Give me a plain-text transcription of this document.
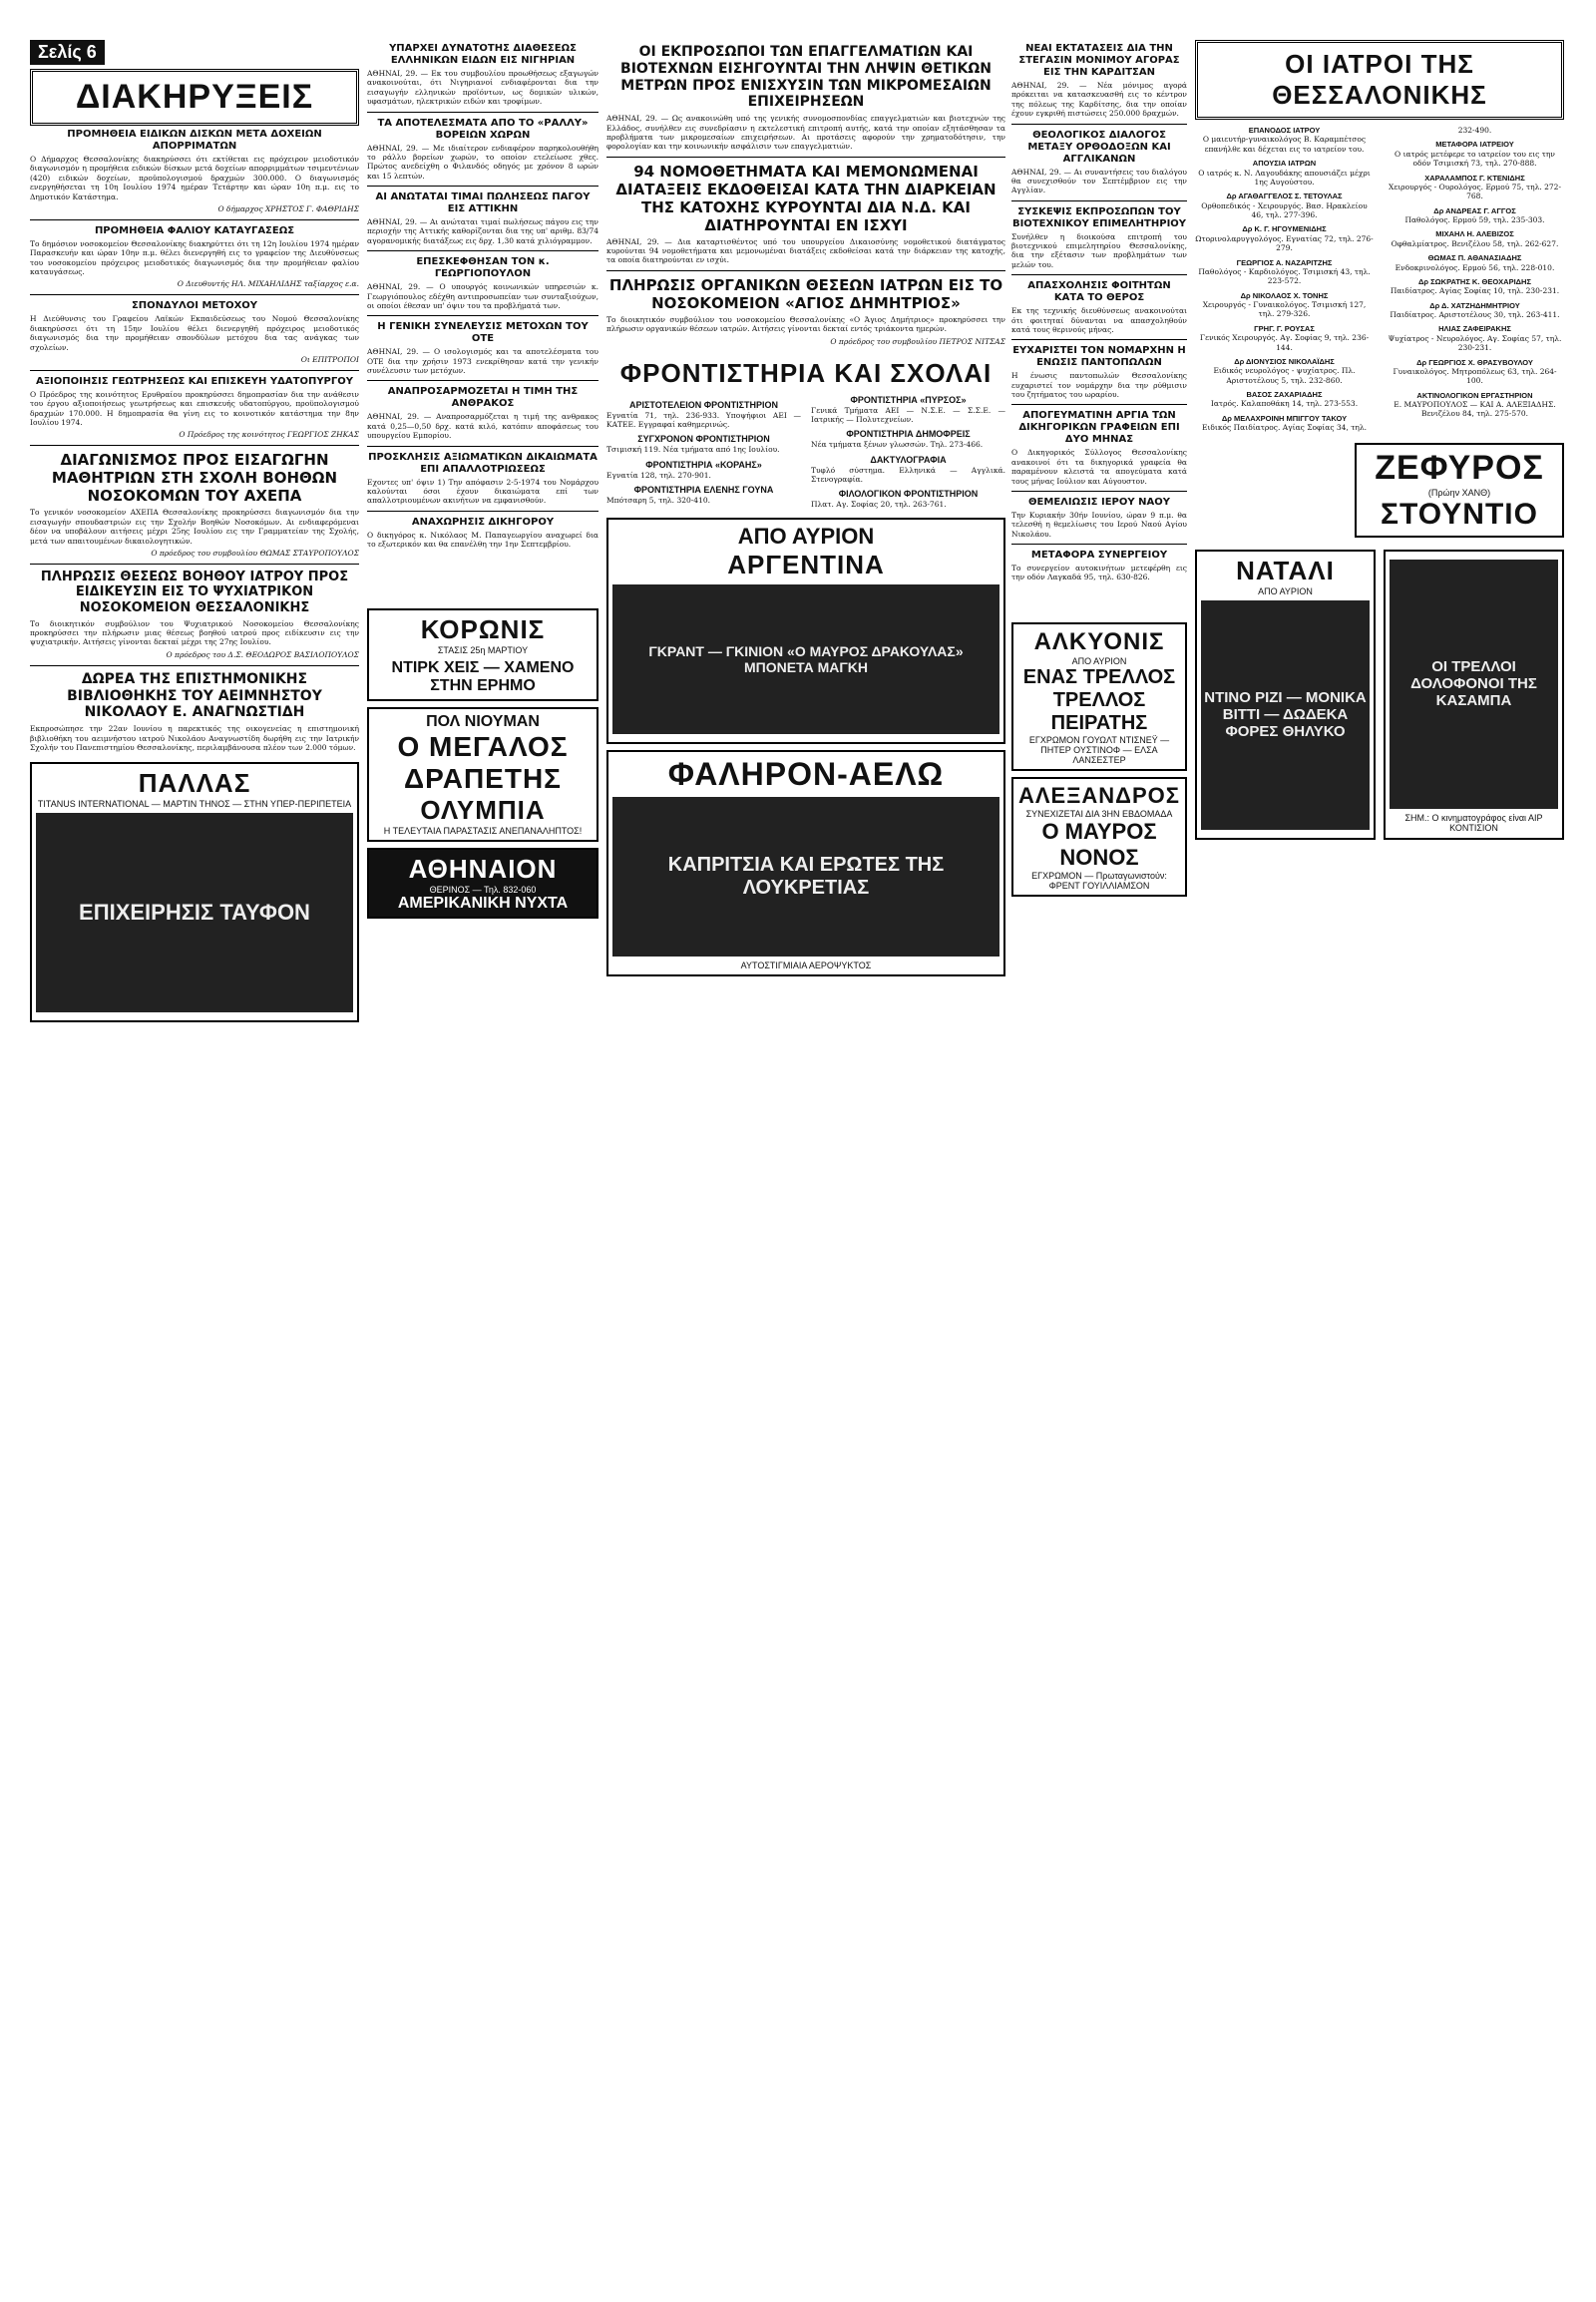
Σελίς 6
ΔΙΑΚΗΡΥΞΕΙΣ
ΠΡΟΜΗΘΕΙΑ ΕΙΔΙΚΩΝ ΔΙΣΚΩΝ ΜΕΤΑ ΔΟΧΕΙΩΝ ΑΠΟΡΡΙΜΑΤΩΝ

Ο Δήμαρχος Θεσσαλονίκης διακηρύσσει ότι εκτίθεται εις πρόχειρον μειοδοτικόν διαγωνισμόν η προμήθεια ειδικών δίσκων μετά δοχείων απορριμμάτων τσιμεντένιων (420) ειδικών δοχείων, προϋπολογισμού δραχμών 300.000. Ο διαγωνισμός ενεργηθήσεται τη 10η Ιουλίου 1974 ημέραν Τετάρτην και ώραν 10η π.μ. εις το Δημοτικόν Κατάστημα.

Ο δήμαρχος ΧΡΗΣΤΟΣ Γ. ΦΑΘΡΙΔΗΣ
ΠΡΟΜΗΘΕΙΑ ΦΑΛΙΟΥ ΚΑΤΑΥΓΑΣΕΩΣ

Το δημόσιον νοσοκομείον Θεσσαλονίκης διακηρύττει ότι τη 12η Ιουλίου 1974 ημέραν Παρασκευήν και ώραν 10ην π.μ. θέλει διενεργηθή εις το γραφείον της Διευθύνσεως του νοσοκομείου πρόχειρος μειοδοτικός διαγωνισμός δια την προμήθειαν φαλίου καταυγάσεως.

Ο Διευθυντής ΗΛ. ΜΙΧΑΗΛΙΔΗΣ ταξίαρχος ε.α.
ΣΠΟΝΔΥΛΟΙ ΜΕΤΟΧΟΥ

Η Διεύθυνσις του Γραφείου Λαϊκών Εκπαιδεύσεως του Νομού Θεσσαλονίκης διακηρύσσει ότι τη 15ην Ιουλίου θέλει διενεργηθή πρόχειρος μειοδοτικός διαγωνισμός δια την προμήθειαν σπονδύλων μετόχου δια τας ανάγκας των σχολείων.

Οι ΕΠΙΤΡΟΠΟΙ
ΑΞΙΟΠΟΙΗΣΙΣ ΓΕΩΤΡΗΣΕΩΣ ΚΑΙ ΕΠΙΣΚΕΥΗ ΥΔΑΤΟΠΥΡΓΟΥ

Ο Πρόεδρος της κοινότητος Ερυθραίου προκηρύσσει δημοπρασίαν δια την ανάθεσιν του έργου αξιοποιήσεως γεωτρήσεως και επισκευής υδατοπύργου, προϋπολογισμού δραχμών 170.000. Η δημοπρασία θα γίνη εις το κοινοτικόν κατάστημα την 8ην Ιουλίου 1974.

Ο Πρόεδρος της κοινότητος ΓΕΩΡΓΙΟΣ ΖΗΚΑΣ
ΔΙΑΓΩΝΙΣΜΟΣ ΠΡΟΣ ΕΙΣΑΓΩΓΗΝ ΜΑΘΗΤΡΙΩΝ ΣΤΗ ΣΧΟΛΗ ΒΟΗΘΩΝ ΝΟΣΟΚΟΜΩΝ ΤΟΥ ΑΧΕΠΑ

Το γενικόν νοσοκομείον ΑΧΕΠΑ Θεσσαλονίκης προκηρύσσει διαγωνισμόν δια την εισαγωγήν σπουδαστριών εις την Σχολήν Βοηθών Νοσοκόμων. Αι ενδιαφερόμεναι δέον να υποβάλουν αιτήσεις μέχρι 25ης Ιουλίου εις την Γραμματείαν της Σχολής, μετά των απαιτουμένων δικαιολογητικών.

Ο πρόεδρος του συμβουλίου ΘΩΜΑΣ ΣΤΑΥΡΟΠΟΥΛΟΣ
ΠΛΗΡΩΣΙΣ ΘΕΣΕΩΣ ΒΟΗΘΟΥ ΙΑΤΡΟΥ ΠΡΟΣ ΕΙΔΙΚΕΥΣΙΝ ΕΙΣ ΤΟ ΨΥΧΙΑΤΡΙΚΟΝ ΝΟΣΟΚΟΜΕΙΟΝ ΘΕΣΣΑΛΟΝΙΚΗΣ

Το διοικητικόν συμβούλιον του Ψυχιατρικού Νοσοκομείου Θεσσαλονίκης προκηρύσσει την πλήρωσιν μιας θέσεως βοηθού ιατρού προς ειδίκευσιν εις την ψυχιατρικήν. Αιτήσεις γίνονται δεκταί μέχρι της 27ης Ιουλίου.

Ο πρόεδρος του Δ.Σ. ΘΕΟΔΩΡΟΣ ΒΑΣΙΛΟΠΟΥΛΟΣ
ΔΩΡΕΑ ΤΗΣ ΕΠΙΣΤΗΜΟΝΙΚΗΣ ΒΙΒΛΙΟΘΗΚΗΣ ΤΟΥ ΑΕΙΜΝΗΣΤΟΥ ΝΙΚΟΛΑΟΥ Ε. ΑΝΑΓΝΩΣΤΙΔΗ

Εκπροσώπησε την 22αν Ιουνίου η παρεκτικός της οικογενείας η επιστημονική βιβλιοθήκη του αειμνήστου ιατρού Νικολάου Αναγνωστίδη δωρήθη εις την Ιατρικήν Σχολήν του Πανεπιστημίου Θεσσαλονίκης, περιλαμβάνουσα πλέον των 2.000 τόμων.

ΠΑΛΛΑΣ
TITANUS INTERNATIONAL — ΜΑΡΤΙΝ ΤΗΝΟΣ — ΣΤΗΝ ΥΠΕΡ-ΠΕΡΙΠΕΤΕΙΑ
ΕΠΙΧΕΙΡΗΣΙΣ ΤΑΥΦΟΝ
ΥΠΑΡΧΕΙ ΔΥΝΑΤΟΤΗΣ ΔΙΑΘΕΣΕΩΣ ΕΛΛΗΝΙΚΩΝ ΕΙΔΩΝ ΕΙΣ ΝΙΓΗΡΙΑΝ

ΑΘΗΝΑΙ, 29. — Εκ του συμβουλίου προωθήσεως εξαγωγών ανακοινούται, ότι Νιγηριανοί ενδιαφέρονται δια την εισαγωγήν ελληνικών προϊόντων, ως δομικών υλικών, υφασμάτων, ηλεκτρικών ειδών και τροφίμων.

ΤΑ ΑΠΟΤΕΛΕΣΜΑΤΑ ΑΠΟ ΤΟ «ΡΑΛΛΥ» ΒΟΡΕΙΩΝ ΧΩΡΩΝ

ΑΘΗΝΑΙ, 29. — Με ιδιαίτερον ενδιαφέρον παρηκολουθήθη το ράλλυ βορείων χωρών, το οποίον ετελείωσε χθες. Πρώτος ανεδείχθη ο Φιλανδός οδηγός με χρόνον 8 ωρών και 15 λεπτών.

ΑΙ ΑΝΩΤΑΤΑΙ ΤΙΜΑΙ ΠΩΛΗΣΕΩΣ ΠΑΓΟΥ ΕΙΣ ΑΤΤΙΚΗΝ

ΑΘΗΝΑΙ, 29. — Αι ανώταται τιμαί πωλήσεως πάγου εις την περιοχήν της Αττικής καθορίζονται δια της υπ' αριθμ. 83/74 αγορανομικής διατάξεως εις δρχ. 1,30 κατά χιλιόγραμμον.

ΕΠΕΣΚΕΦΘΗΣΑΝ ΤΟΝ κ. ΓΕΩΡΓΙΟΠΟΥΛΟΝ

ΑΘΗΝΑΙ, 29. — Ο υπουργός κοινωνικών υπηρεσιών κ. Γεωργιόπουλος εδέχθη αντιπροσωπείαν των συνταξιούχων, οι οποίοι έθεσαν υπ' όψιν του τα προβλήματά των.

Η ΓΕΝΙΚΗ ΣΥΝΕΛΕΥΣΙΣ ΜΕΤΟΧΩΝ ΤΟΥ ΟΤΕ

ΑΘΗΝΑΙ, 29. — Ο ισολογισμός και τα αποτελέσματα του ΟΤΕ δια την χρήσιν 1973 ενεκρίθησαν κατά την γενικήν συνέλευσιν των μετόχων.

ΑΝΑΠΡΟΣΑΡΜΟΖΕΤΑΙ Η ΤΙΜΗ ΤΗΣ ΑΝΘΡΑΚΟΣ

ΑΘΗΝΑΙ, 29. — Αναπροσαρμόζεται η τιμή της ανθρακος κατά 0,25—0,50 δρχ. κατά κιλό, κατόπιν αποφάσεως του υπουργείου Εμπορίου.

ΠΡΟΣΚΛΗΣΙΣ ΑΞΙΩΜΑΤΙΚΩΝ ΔΙΚΑΙΩΜΑΤΑ ΕΠΙ ΑΠΑΛΛΟΤΡΙΩΣΕΩΣ

Εχοντες υπ' όψιν 1) Την απόφασιν 2-5-1974 του Νομάρχου καλούνται όσοι έχουν δικαιώματα επί των απαλλοτριουμένων ακινήτων να εμφανισθούν.

ΑΝΑΧΩΡΗΣΙΣ ΔΙΚΗΓΟΡΟΥ

Ο δικηγόρος κ. Νικόλαος Μ. Παπαγεωργίου αναχωρεί δια το εξωτερικόν και θα επανέλθη την 1ην Σεπτεμβρίου.

ΚΟΡΩΝΙΣ
ΣΤΑΣΙΣ 25η ΜΑΡΤΙΟΥ
ΝΤΙΡΚ ΧΕΙΣ — ΧΑΜΕΝΟ ΣΤΗΝ ΕΡΗΜΟ
ΠΟΛ ΝΙΟΥΜΑΝ
Ο ΜΕΓΑΛΟΣ ΔΡΑΠΕΤΗΣ
ΟΛΥΜΠΙΑ
Η ΤΕΛΕΥΤΑΙΑ ΠΑΡΑΣΤΑΣΙΣ ΑΝΕΠΑΝΑΛΗΠΤΟΣ!
ΑΘΗΝΑΙΟΝ
ΘΕΡΙΝΟΣ — Τηλ. 832-060
ΑΜΕΡΙΚΑΝΙΚΗ ΝΥΧΤΑ
ΟΙ ΕΚΠΡΟΣΩΠΟΙ ΤΩΝ ΕΠΑΓΓΕΛΜΑΤΙΩΝ ΚΑΙ ΒΙΟΤΕΧΝΩΝ ΕΙΣΗΓΟΥΝΤΑΙ ΤΗΝ ΛΗΨΙΝ ΘΕΤΙΚΩΝ ΜΕΤΡΩΝ ΠΡΟΣ ΕΝΙΣΧΥΣΙΝ ΤΩΝ ΜΙΚΡΟΜΕΣΑΙΩΝ ΕΠΙΧΕΙΡΗΣΕΩΝ

ΑΘΗΝΑΙ, 29. — Ως ανακοινώθη υπό της γενικής συνομοσπονδίας επαγγελματιών και βιοτεχνών της Ελλάδος, συνήλθεν εις συνεδρίασιν η εκτελεστική επιτροπή αυτής, κατά την οποίαν εξητάσθησαν τα προβλήματα των μικρομεσαίων επιχειρήσεων. Αι προτάσεις αφορούν την χρηματοδότησιν, την φορολογίαν και την κοινωνικήν ασφάλισιν των επαγγελματιών.

94 ΝΟΜΟΘΕΤΗΜΑΤΑ ΚΑΙ ΜΕΜΟΝΩΜΕΝΑΙ ΔΙΑΤΑΞΕΙΣ ΕΚΔΟΘΕΙΣΑΙ ΚΑΤΑ ΤΗΝ ΔΙΑΡΚΕΙΑΝ ΤΗΣ ΚΑΤΟΧΗΣ ΚΥΡΟΥΝΤΑΙ ΔΙΑ Ν.Δ. ΚΑΙ ΔΙΑΤΗΡΟΥΝΤΑΙ ΕΝ ΙΣΧΥΙ

ΑΘΗΝΑΙ, 29. — Δια καταρτισθέντος υπό του υπουργείου Δικαιοσύνης νομοθετικού διατάγματος κυρούνται 94 νομοθετήματα και μεμονωμέναι διατάξεις εκδοθείσαι κατά την διάρκειαν της κατοχής, τα οποία διατηρούνται εν ισχύι.

ΠΛΗΡΩΣΙΣ ΟΡΓΑΝΙΚΩΝ ΘΕΣΕΩΝ ΙΑΤΡΩΝ ΕΙΣ ΤΟ ΝΟΣΟΚΟΜΕΙΟΝ «ΑΓΙΟΣ ΔΗΜΗΤΡΙΟΣ»

Το διοικητικόν συμβούλιον του νοσοκομείου Θεσσαλονίκης «Ο Άγιος Δημήτριος» προκηρύσσει την πλήρωσιν οργανικών θέσεων ιατρών. Αιτήσεις γίνονται δεκταί εντός τριάκοντα ημερών.

Ο πρόεδρος του συμβουλίου ΠΕΤΡΟΣ ΝΙΤΣΑΣ
ΦΡΟΝΤΙΣΤΗΡΙΑ ΚΑΙ ΣΧΟΛΑΙ
ΑΡΙΣΤΟΤΕΛΕΙΟΝ ΦΡΟΝΤΙΣΤΗΡΙΟΝ

Εγνατία 71, τηλ. 236-933. Υποψήφιοι ΑΕΙ — ΚΑΤΕΕ. Εγγραφαί καθημερινώς.

ΣΥΓΧΡΟΝΟΝ ΦΡΟΝΤΙΣΤΗΡΙΟΝ

Τσιμισκή 119. Νέα τμήματα από 1ης Ιουλίου.

ΦΡΟΝΤΙΣΤΗΡΙΑ «ΚΟΡΑΗΣ»

Εγνατία 128, τηλ. 270-901.

ΦΡΟΝΤΙΣΤΗΡΙΑ ΕΛΕΝΗΣ ΓΟΥΝΑ

Μπότσαρη 5, τηλ. 320-410.

ΦΡΟΝΤΙΣΤΗΡΙΑ «ΠΥΡΣΟΣ»

Γενικά Τμήματα ΑΕΙ — Ν.Σ.Ε. — Σ.Σ.Ε. — Ιατρικής — Πολυτεχνείων.

ΦΡΟΝΤΙΣΤΗΡΙΑ ΔΗΜΟΦΡΕΙΣ

Νέα τμήματα ξένων γλωσσών. Τηλ. 273-466.

ΔΑΚΤΥΛΟΓΡΑΦΙΑ

Τυφλό σύστημα. Ελληνικά — Αγγλικά. Στενογραφία.

ΦΙΛΟΛΟΓΙΚΟΝ ΦΡΟΝΤΙΣΤΗΡΙΟΝ

Πλατ. Αγ. Σοφίας 20, τηλ. 263-761.

ΑΠΟ ΑΥΡΙΟΝ
ΑΡΓΕΝΤΙΝΑ
ΓΚΡΑΝΤ — ΓΚΙΝΙΟΝ «Ο ΜΑΥΡΟΣ ΔΡΑΚΟΥΛΑΣ» ΜΠΟΝΕΤΑ ΜΑΓΚΗ
ΦΑΛΗΡΟΝ-ΑΕΛΩ
ΚΑΠΡΙΤΣΙΑ ΚΑΙ ΕΡΩΤΕΣ ΤΗΣ ΛΟΥΚΡΕΤΙΑΣ
ΑΥΤΟΣΤΙΓΜΙΑΙΑ ΑΕΡΟΨΥΚΤΟΣ
ΝΕΑΙ ΕΚΤΑΤΑΣΕΙΣ ΔΙΑ ΤΗΝ ΣΤΕΓΑΣΙΝ ΜΟΝΙΜΟΥ ΑΓΟΡΑΣ ΕΙΣ ΤΗΝ ΚΑΡΔΙΤΣΑΝ

ΑΘΗΝΑΙ, 29. — Νέα μόνιμος αγορά πρόκειται να κατασκευασθή εις το κέντρον της πόλεως της Καρδίτσης, δια την οποίαν έχουν εγκριθή πιστώσεις 250.000 δραχμών.

ΘΕΟΛΟΓΙΚΟΣ ΔΙΑΛΟΓΟΣ ΜΕΤΑΞΥ ΟΡΘΟΔΟΞΩΝ ΚΑΙ ΑΓΓΛΙΚΑΝΩΝ

ΑΘΗΝΑΙ, 29. — Αι συναντήσεις του διαλόγου θα συνεχισθούν τον Σεπτέμβριον εις την Αγγλίαν.

ΣΥΣΚΕΨΙΣ ΕΚΠΡΟΣΩΠΩΝ ΤΟΥ ΒΙΟΤΕΧΝΙΚΟΥ ΕΠΙΜΕΛΗΤΗΡΙΟΥ

Συνήλθεν η διοικούσα επιτροπή του βιοτεχνικού επιμελητηρίου Θεσσαλονίκης, δια την εξέτασιν των προβλημάτων των μελών του.

ΑΠΑΣΧΟΛΗΣΙΣ ΦΟΙΤΗΤΩΝ ΚΑΤΑ ΤΟ ΘΕΡΟΣ

Εκ της τεχνικής διευθύνσεως ανακοινούται ότι φοιτηταί δύνανται να απασχοληθούν κατά τους θερινούς μήνας.

ΕΥΧΑΡΙΣΤΕΙ ΤΟΝ ΝΟΜΑΡΧΗΝ Η ΕΝΩΣΙΣ ΠΑΝΤΟΠΩΛΩΝ

Η ένωσις παντοπωλών Θεσσαλονίκης ευχαριστεί τον νομάρχην δια την ρύθμισιν του ζητήματος του ωραρίου.

ΑΠΟΓΕΥΜΑΤΙΝΗ ΑΡΓΙΑ ΤΩΝ ΔΙΚΗΓΟΡΙΚΩΝ ΓΡΑΦΕΙΩΝ ΕΠΙ ΔΥΟ ΜΗΝΑΣ

Ο Δικηγορικός Σύλλογος Θεσσαλονίκης ανακοινοί ότι τα δικηγορικά γραφεία θα παραμένουν κλειστά τα απογεύματα κατά τους μήνας Ιούλιον και Αύγουστον.

ΘΕΜΕΛΙΩΣΙΣ ΙΕΡΟΥ ΝΑΟΥ

Την Κυριακήν 30ήν Ιουνίου, ώραν 9 π.μ. θα τελεσθή η θεμελίωσις του Ιερού Ναού Αγίου Νικολάου.

ΜΕΤΑΦΟΡΑ ΣΥΝΕΡΓΕΙΟΥ

Το συνεργείον αυτοκινήτων μετεφέρθη εις την οδόν Λαγκαδά 95, τηλ. 630-826.

ΑΛΚΥΟΝΙΣ
ΑΠΟ ΑΥΡΙΟΝ
ΕΝΑΣ ΤΡΕΛΛΟΣ ΤΡΕΛΛΟΣ ΠΕΙΡΑΤΗΣ
ΕΓΧΡΩΜΟΝ ΓΟΥΩΛΤ ΝΤΙΣΝΕΫ — ΠΗΤΕΡ ΟΥΣΤΙΝΟΦ — ΕΛΣΑ ΛΑΝΣΕΣΤΕΡ
ΑΛΕΞΑΝΔΡΟΣ
ΣΥΝΕΧΙΖΕΤΑΙ ΔΙΑ 3ΗΝ ΕΒΔΟΜΑΔΑ
Ο ΜΑΥΡΟΣ ΝΟΝΟΣ
ΕΓΧΡΩΜΟΝ — Πρωταγωνιστούν: ΦΡΕΝΤ ΓΟΥΙΛΛΙΑΜΣΟΝ
ΟΙ ΙΑΤΡΟΙ ΤΗΣ ΘΕΣΣΑΛΟΝΙΚΗΣ
ΕΠΑΝΟΔΟΣ ΙΑΤΡΟΥ
Ο μαιευτήρ-γυναικολόγος Β. Καραμπέτσος επανήλθε και δέχεται εις το ιατρείον του.
ΑΠΟΥΣΙΑ ΙΑΤΡΩΝ
Ο ιατρός κ. Ν. Λαγουδάκης απουσιάζει μέχρι 1ης Αυγούστου.
Δρ ΑΓΑΘΑΓΓΕΛΟΣ Σ. ΤΕΤΟΥΛΑΣ
Ορθοπεδικός - Χειρουργός. Βασ. Ηρακλείου 46, τηλ. 277-396.
Δρ Κ. Γ. ΗΓΟΥΜΕΝΙΔΗΣ
Ωτορινολαρυγγολόγος. Εγνατίας 72, τηλ. 276-279.
ΓΕΩΡΓΙΟΣ Α. ΝΑΖΑΡΙΤΖΗΣ
Παθολόγος - Καρδιολόγος. Τσιμισκή 43, τηλ. 223-572.
Δρ ΝΙΚΟΛΑΟΣ Χ. ΤΟΝΗΣ
Χειρουργός - Γυναικολόγος. Τσιμισκή 127, τηλ. 279-326.
ΓΡΗΓ. Γ. ΡΟΥΣΑΣ
Γενικός Χειρουργός. Αγ. Σοφίας 9, τηλ. 236-144.
Δρ ΔΙΟΝΥΣΙΟΣ ΝΙΚΟΛΑΪΔΗΣ
Ειδικός νευρολόγος - ψυχίατρος. Πλ. Αριστοτέλους 5, τηλ. 232-860.
ΒΑΣΟΣ ΖΑΧΑΡΙΑΔΗΣ
Ιατρός. Καλαποθάκη 14, τηλ. 273-553.
Δρ ΜΕΛΑΧΡΟΙΝΗ ΜΠΙΓΓΟΥ ΤΑΚΟΥ
Ειδικός Παιδίατρος. Αγίας Σοφίας 34, τηλ. 232-490.
ΜΕΤΑΦΟΡΑ ΙΑΤΡΕΙΟΥ
Ο ιατρός μετέφερε το ιατρείον του εις την οδόν Τσιμισκή 73, τηλ. 270-888.
ΧΑΡΑΛΑΜΠΟΣ Γ. ΚΤΕΝΙΔΗΣ
Χειρουργός - Ουρολόγος. Ερμού 75, τηλ. 272-768.
Δρ ΑΝΔΡΕΑΣ Γ. ΑΓΓΟΣ
Παθολόγος. Ερμού 59, τηλ. 235-303.
ΜΙΧΑΗΛ Η. ΑΛΕΒΙΖΟΣ
Οφθαλμίατρος. Βενιζέλου 58, τηλ. 262-627.
ΘΩΜΑΣ Π. ΑΘΑΝΑΣΙΑΔΗΣ
Ενδοκρινολόγος. Ερμού 56, τηλ. 228-010.
Δρ ΣΩΚΡΑΤΗΣ Κ. ΘΕΟΧΑΡΙΔΗΣ
Παιδίατρος. Αγίας Σοφίας 10, τηλ. 230-231.
Δρ Δ. ΧΑΤΖΗΔΗΜΗΤΡΙΟΥ
Παιδίατρος. Αριστοτέλους 30, τηλ. 263-411.
ΗΛΙΑΣ ΖΑΦΕΙΡΑΚΗΣ
Ψυχίατρος - Νευρολόγος. Αγ. Σοφίας 57, τηλ. 230-231.
Δρ ΓΕΩΡΓΙΟΣ Χ. ΘΡΑΣΥΒΟΥΛΟΥ
Γυναικολόγος. Μητροπόλεως 63, τηλ. 264-100.
ΑΚΤΙΝΟΛΟΓΙΚΟΝ ΕΡΓΑΣΤΗΡΙΟΝ
Ε. ΜΑΥΡΟΠΟΥΛΟΣ — ΚΑΙ Α. ΑΛΕΞΙΑΔΗΣ. Βενιζέλου 84, τηλ. 275-570.
ΖΕΦΥΡΟΣ
(Πρώην ΧΑΝΘ)
ΣΤΟΥΝΤΙΟ
ΝΑΤΑΛΙ
ΑΠΟ ΑΥΡΙΟΝ
ΝΤΙΝΟ ΡΙΖΙ — ΜΟΝΙΚΑ ΒΙΤΤΙ — ΔΩΔΕΚΑ ΦΟΡΕΣ ΘΗΛΥΚΟ
ΟΙ ΤΡΕΛΛΟΙ ΔΟΛΟΦΟΝΟΙ ΤΗΣ ΚΑΣΑΜΠΑ
ΣΗΜ.: Ο κινηματογράφος είναι ΑΙΡ ΚΟΝΤΙΣΙΟΝ
